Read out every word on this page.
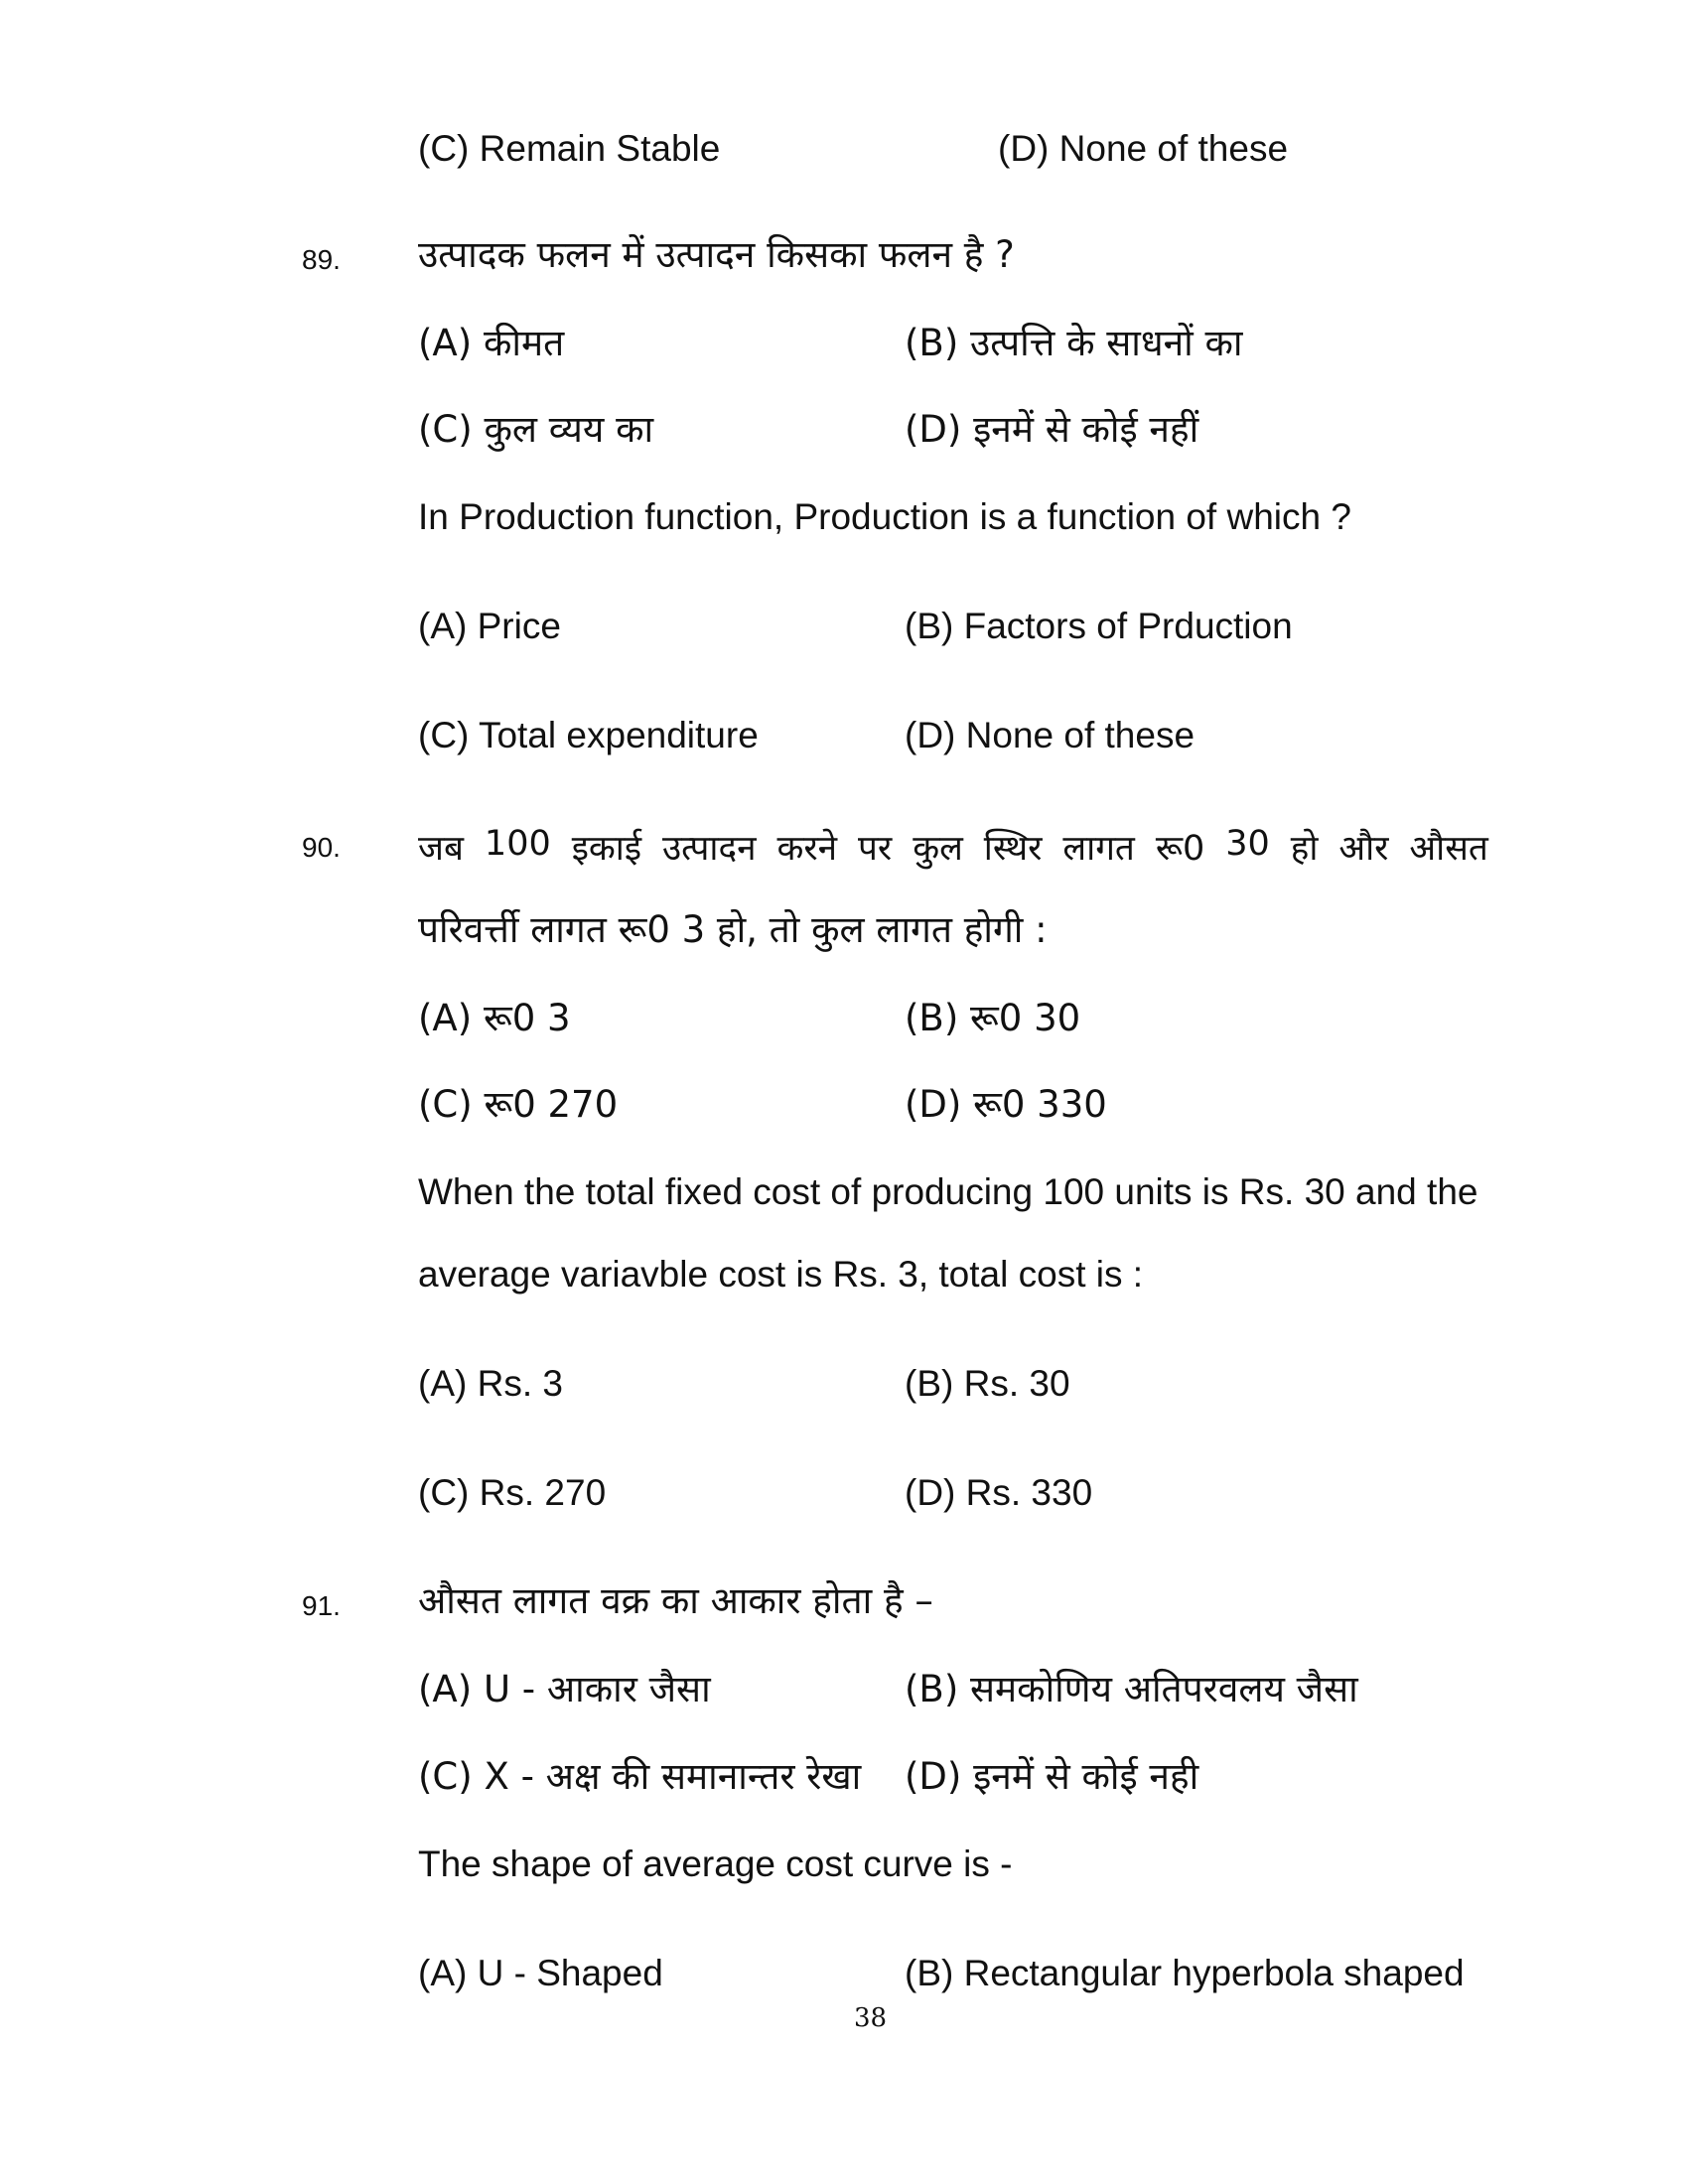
(C) Remain Stable	(D) None of these
89. उत्पादक फलन में उत्पादन किसका फलन है ?
(A) कीमत	(B) उत्पत्ति के साधनों का
(C) कुल व्यय का	(D) इनमें से कोई नहीं
In Production function, Production is a function of which ?
(A) Price	(B) Factors of Prduction
(C) Total expenditure	(D) None of these
90. जब 100 इकाई उत्पादन करने पर कुल स्थिर लागत रू0 30 हो और औसत
परिवर्त्ती लागत रू0 3 हो, तो कुल लागत होगी :
(A) रू0 3	(B) रू0 30
(C) रू0 270	(D) रू0 330
When the total fixed cost of producing 100 units is Rs. 30 and the
average variavble cost is Rs. 3, total cost is :
(A) Rs. 3	(B) Rs. 30
(C) Rs. 270	(D) Rs. 330
91. औसत लागत वक्र का आकार होता है –
(A) U - आकार जैसा	(B) समकोणिय अतिपरवलय जैसा
(C) X - अक्ष की समानान्तर रेखा (D) इनमें से कोई नही
The shape of average cost curve is -
(A) U - Shaped	(B) Rectangular hyperbola shaped
38
